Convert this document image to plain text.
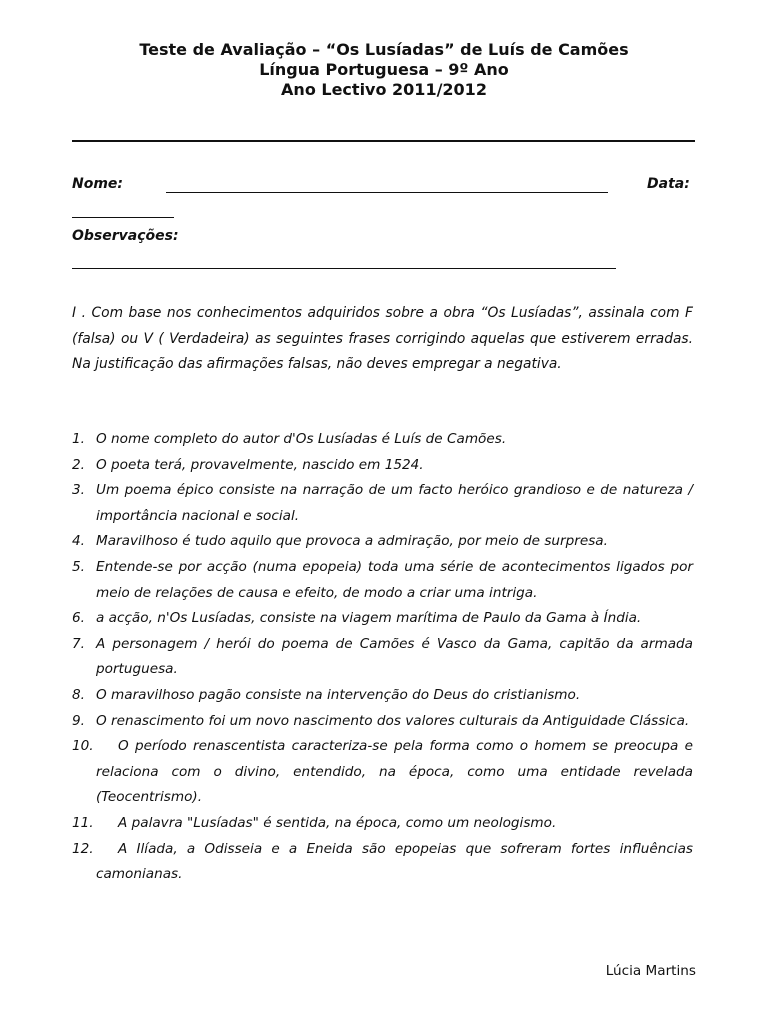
Teste de Avaliação – “Os Lusíadas” de Luís de Camões
Língua Portuguesa – 9º Ano
Ano Lectivo 2011/2012
Nome:	Data:
Observações:

I . Com base nos conhecimentos adquiridos sobre a obra “Os Lusíadas”, assinala com F (falsa) ou V ( Verdadeira) as seguintes frases corrigindo aquelas que estiverem erradas. Na justificação das afirmações falsas, não deves empregar a negativa.

1. O nome completo do autor d'Os Lusíadas é Luís de Camões.
2. O poeta terá, provavelmente, nascido em 1524.
3. Um poema épico consiste na narração de um facto heróico grandioso e de natureza / importância nacional e social.
4. Maravilhoso é tudo aquilo que provoca a admiração, por meio de surpresa.
5. Entende-se por acção (numa epopeia) toda uma série de acontecimentos ligados por meio de relações de causa e efeito, de modo a criar uma intriga.
6. a acção, n'Os Lusíadas, consiste na viagem marítima de Paulo da Gama à Índia.
7. A personagem / herói do poema de Camões é Vasco da Gama, capitão da armada portuguesa.
8. O maravilhoso pagão consiste na intervenção do Deus do cristianismo.
9. O renascimento foi um novo nascimento dos valores culturais da Antiguidade Clássica.
10.	O período renascentista caracteriza-se pela forma como o homem se preocupa e relaciona com o divino, entendido, na época, como uma entidade revelada (Teocentrismo).
11.	A palavra "Lusíadas" é sentida, na época, como um neologismo.
12.	A Ilíada, a Odisseia e a Eneida são epopeias que sofreram fortes influências camonianas.
Lúcia Martins
